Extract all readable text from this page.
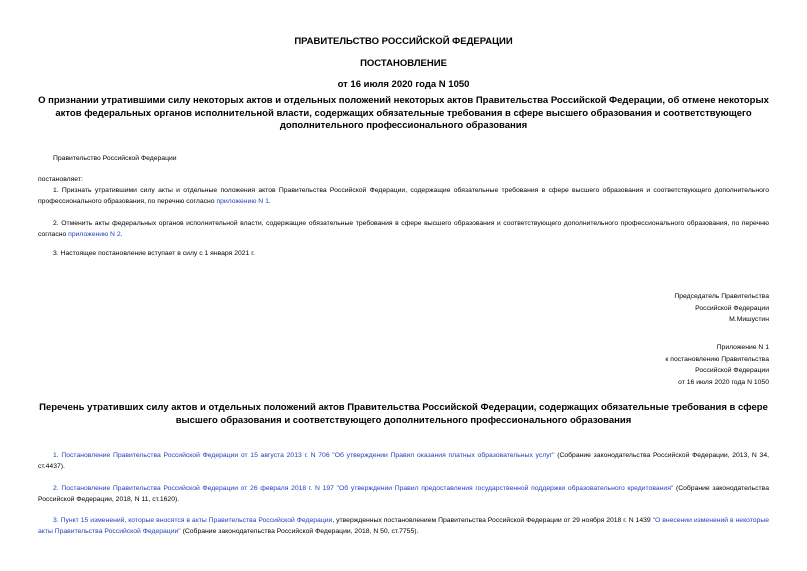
ПРАВИТЕЛЬСТВО РОССИЙСКОЙ ФЕДЕРАЦИИ
ПОСТАНОВЛЕНИЕ
от 16 июля 2020 года N 1050
О признании утратившими силу некоторых актов и отдельных положений некоторых актов Правительства Российской Федерации, об отмене некоторых актов федеральных органов исполнительной власти, содержащих обязательные требования в сфере высшего образования и соответствующего дополнительного профессионального образования
Правительство Российской Федерации
постановляет:
1. Признать утратившими силу акты и отдельные положения актов Правительства Российской Федерации, содержащие обязательные требования в сфере высшего образования и соответствующего дополнительного профессионального образования, по перечню согласно приложению N 1.
2. Отменить акты федеральных органов исполнительной власти, содержащие обязательные требования в сфере высшего образования и соответствующего дополнительного профессионального образования, по перечню согласно приложению N 2.
3. Настоящее постановление вступает в силу с 1 января 2021 г.
Председатель Правительства
Российской Федерации
М.Мишустин
Приложение N 1
к постановлению Правительства
Российской Федерации
от 16 июля 2020 года N 1050
Перечень утративших силу актов и отдельных положений актов Правительства Российской Федерации, содержащих обязательные требования в сфере высшего образования и соответствующего дополнительного профессионального образования
1. Постановление Правительства Российской Федерации от 15 августа 2013 г. N 706 "Об утверждении Правил оказания платных образовательных услуг" (Собрание законодательства Российской Федерации, 2013, N 34, ст.4437).
2. Постановление Правительства Российской Федерации от 26 февраля 2018 г. N 197 "Об утверждении Правил предоставления государственной поддержки образовательного кредитования" (Собрание законодательства Российской Федерации, 2018, N 11, ст.1620).
3. Пункт 15 изменений, которые вносятся в акты Правительства Российской Федерации, утвержденных постановлением Правительства Российской Федерации от 29 ноября 2018 г. N 1439 "О внесении изменений в некоторые акты Правительства Российской Федерации" (Собрание законодательства Российской Федерации, 2018, N 50, ст.7755).
